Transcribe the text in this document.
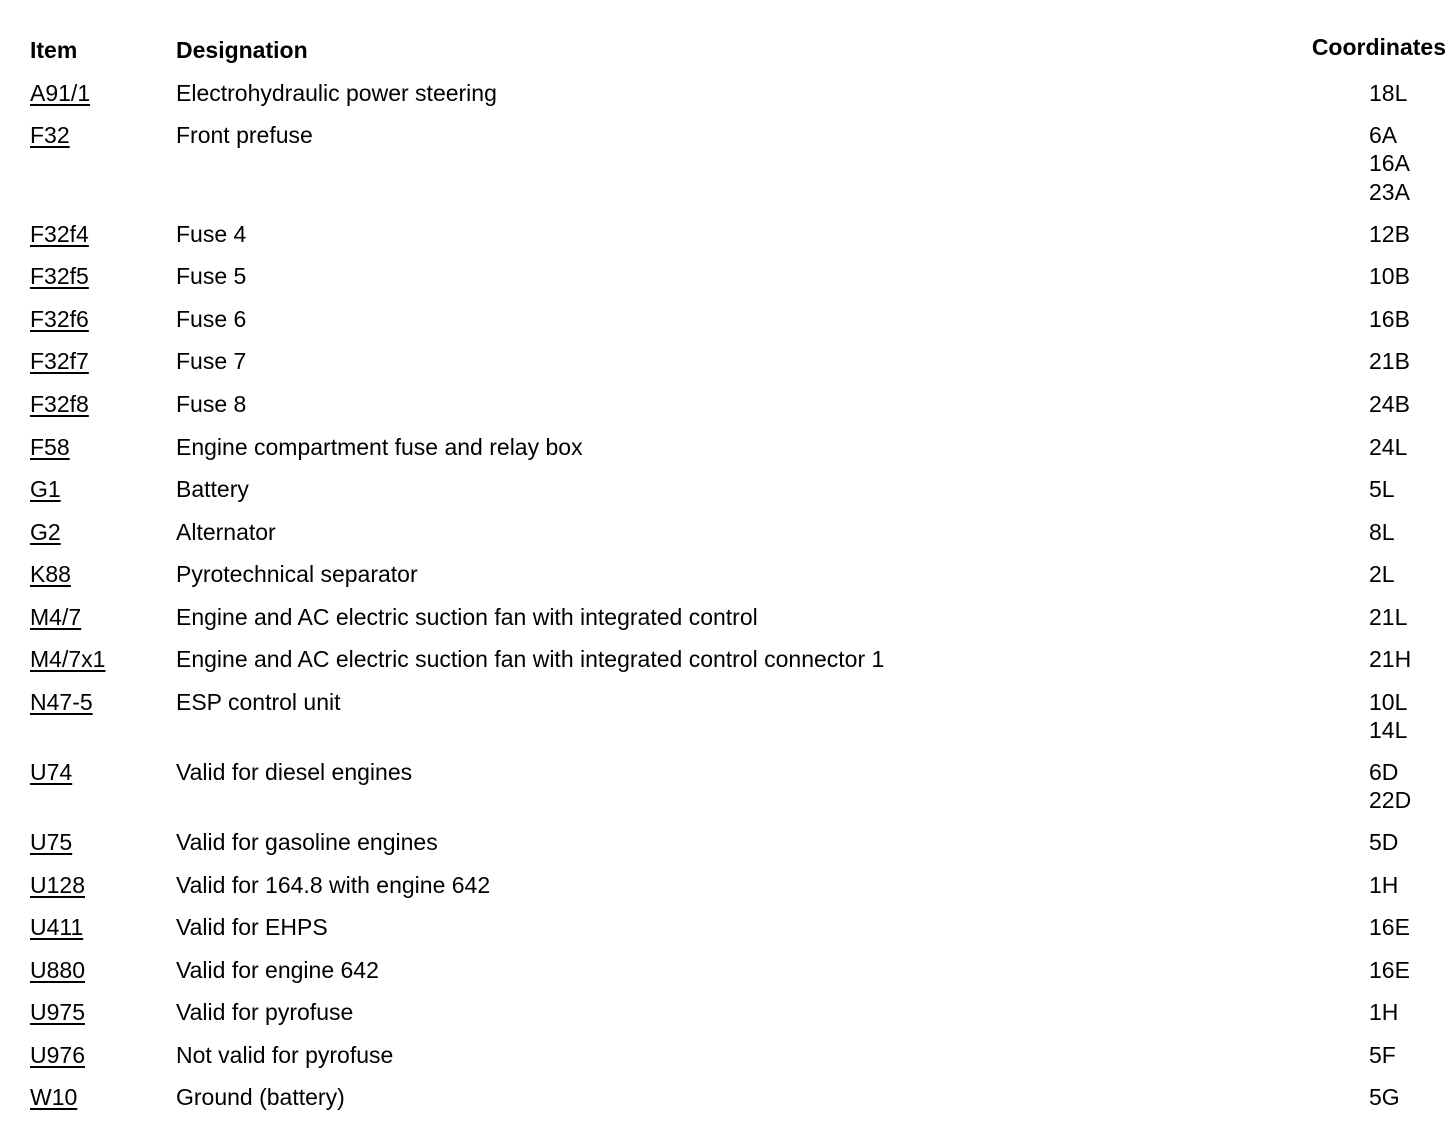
Item	Designation	Coordinates
A91/1	Electrohydraulic power steering	18L
F32	Front prefuse	6A
16A
23A
F32f4	Fuse 4	12B
F32f5	Fuse 5	10B
F32f6	Fuse 6	16B
F32f7	Fuse 7	21B
F32f8	Fuse 8	24B
F58	Engine compartment fuse and relay box	24L
G1	Battery	5L
G2	Alternator	8L
K88	Pyrotechnical separator	2L
M4/7	Engine and AC electric suction fan with integrated control	21L
M4/7x1	Engine and AC electric suction fan with integrated control connector 1	21H
N47-5	ESP control unit	10L
14L
U74	Valid for diesel engines	6D
22D
U75	Valid for gasoline engines	5D
U128	Valid for 164.8 with engine 642	1H
U411	Valid for EHPS	16E
U880	Valid for engine 642	16E
U975	Valid for pyrofuse	1H
U976	Not valid for pyrofuse	5F
W10	Ground (battery)	5G
